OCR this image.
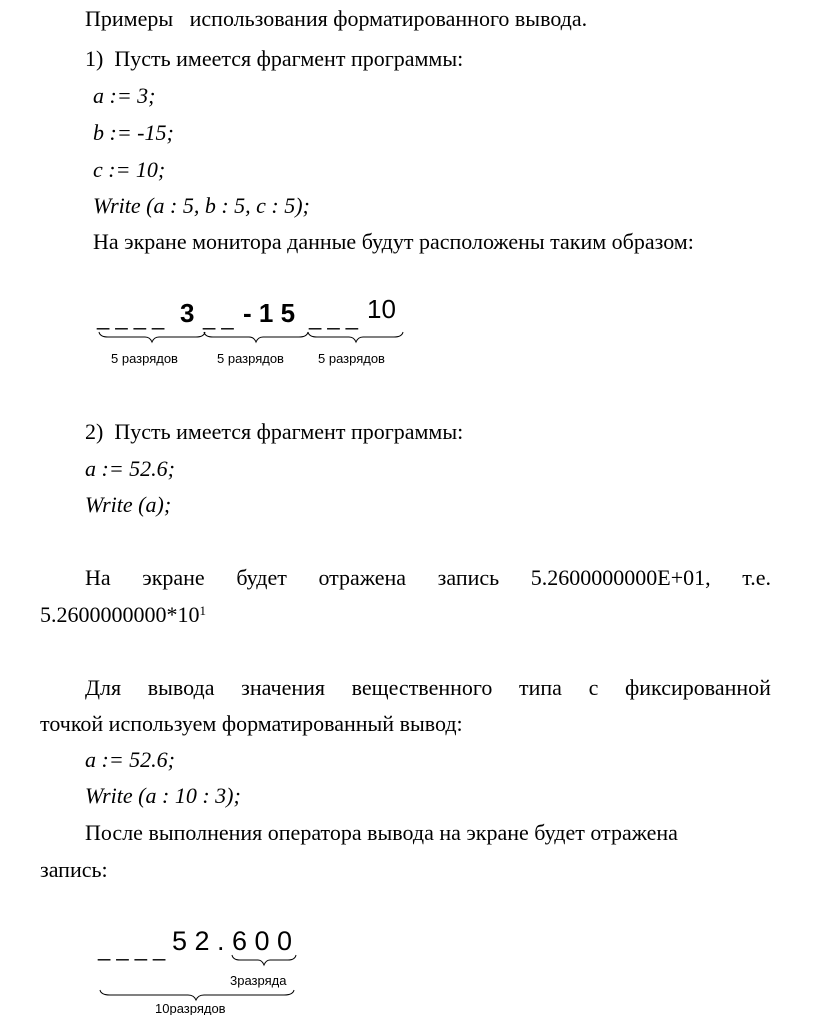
Примеры   использования форматированного вывода.
1)  Пусть имеется фрагмент программы:
a := 3;
b := -15;
c := 10;
Write (a : 5, b : 5, c : 5);
На экране монитора данные будут расположены таким образом:
_ _ _ _ 3 _ _ - 1 5 _ _ _ 10
5 разрядов	5 разрядов	5 разрядов
2)  Пусть имеется фрагмент программы:
a := 52.6;
Write (a);
На экране будет отражена запись 5.2600000000E+01, т.е.
$5.2600000000*10^1$
Для вывода значения вещественного типа с фиксированной
точкой используем форматированный вывод:
a := 52.6;
Write (a : 10 : 3);
После выполнения оператора вывода на экране будет отражена
запись:
_ _ _ _ 5 2 . 6 0 0
3разряда
10разрядов
